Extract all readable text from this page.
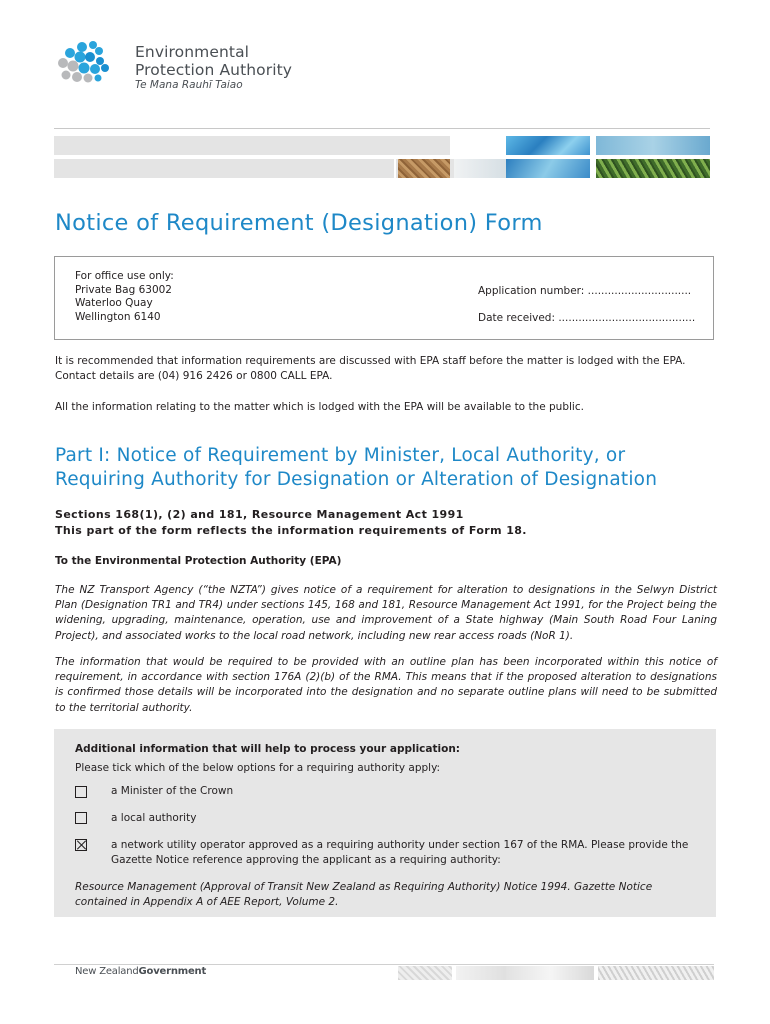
Environmental
Protection Authority
Te Mana Rauhī Taiao
Notice of Requirement (Designation) Form
For office use only:
Private Bag 63002
Waterloo Quay
Wellington 6140
Application number: ...............................
Date received: .........................................
It is recommended that information requirements are discussed with EPA staff before the matter is lodged with the EPA.
Contact details are (04) 916 2426 or 0800 CALL EPA.
All the information relating to the matter which is lodged with the EPA will be available to the public.
Part I: Notice of Requirement by Minister, Local Authority, or
Requiring Authority for Designation or Alteration of Designation
Sections 168(1), (2) and 181, Resource Management Act 1991
This part of the form reflects the information requirements of Form 18.
To the Environmental Protection Authority (EPA)
The NZ Transport Agency (“the NZTA”) gives notice of a requirement for alteration to designations in the Selwyn District
Plan (Designation TR1 and TR4) under sections 145, 168 and 181, Resource Management Act 1991, for the Project being the
widening, upgrading, maintenance, operation, use and improvement of a State highway (Main South Road Four Laning
Project), and associated works to the local road network, including new rear access roads (NoR 1).
The information that would be required to be provided with an outline plan has been incorporated within this notice of
requirement, in accordance with section 176A (2)(b) of the RMA. This means that if the proposed alteration to designations
is confirmed those details will be incorporated into the designation and no separate outline plans will need to be submitted
to the territorial authority.
Additional information that will help to process your application:
Please tick which of the below options for a requiring authority apply:
a Minister of the Crown
a local authority
a network utility operator approved as a requiring authority under section 167 of the RMA. Please provide the
Gazette Notice reference approving the applicant as a requiring authority:
Resource Management (Approval of Transit New Zealand as Requiring Authority) Notice 1994. Gazette Notice
contained in Appendix A of AEE Report, Volume 2.
New ZealandGovernment
